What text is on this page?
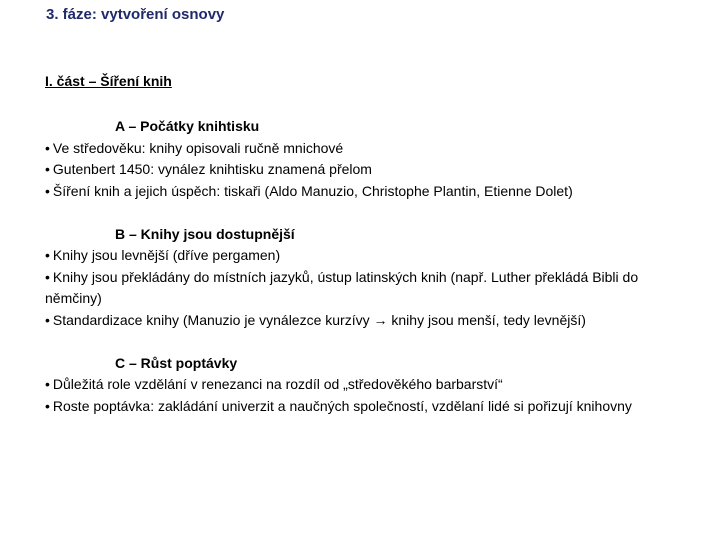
3. fáze: vytvoření osnovy
I. část – Šíření knih

A – Počátky knihtisku

• Ve středověku: knihy opisovali ručně mnichové

• Gutenbert 1450: vynález knihtisku znamená přelom

• Šíření knih a jejich úspěch: tiskaři (Aldo Manuzio, Christophe Plantin, Etienne Dolet)

B – Knihy jsou dostupnější

• Knihy jsou levnější (dříve pergamen)

• Knihy jsou překládány do místních jazyků, ústup latinských knih (např. Luther překládá Bibli do němčiny)

• Standardizace knihy (Manuzio je vynálezce kurzívy → knihy jsou menší, tedy levnější)

C – Růst poptávky

• Důležitá role vzdělání v renezanci na rozdíl od „středověkého barbarství“

• Roste poptávka: zakládání univerzit a naučných společností, vzdělaní lidé si pořizují knihovny
